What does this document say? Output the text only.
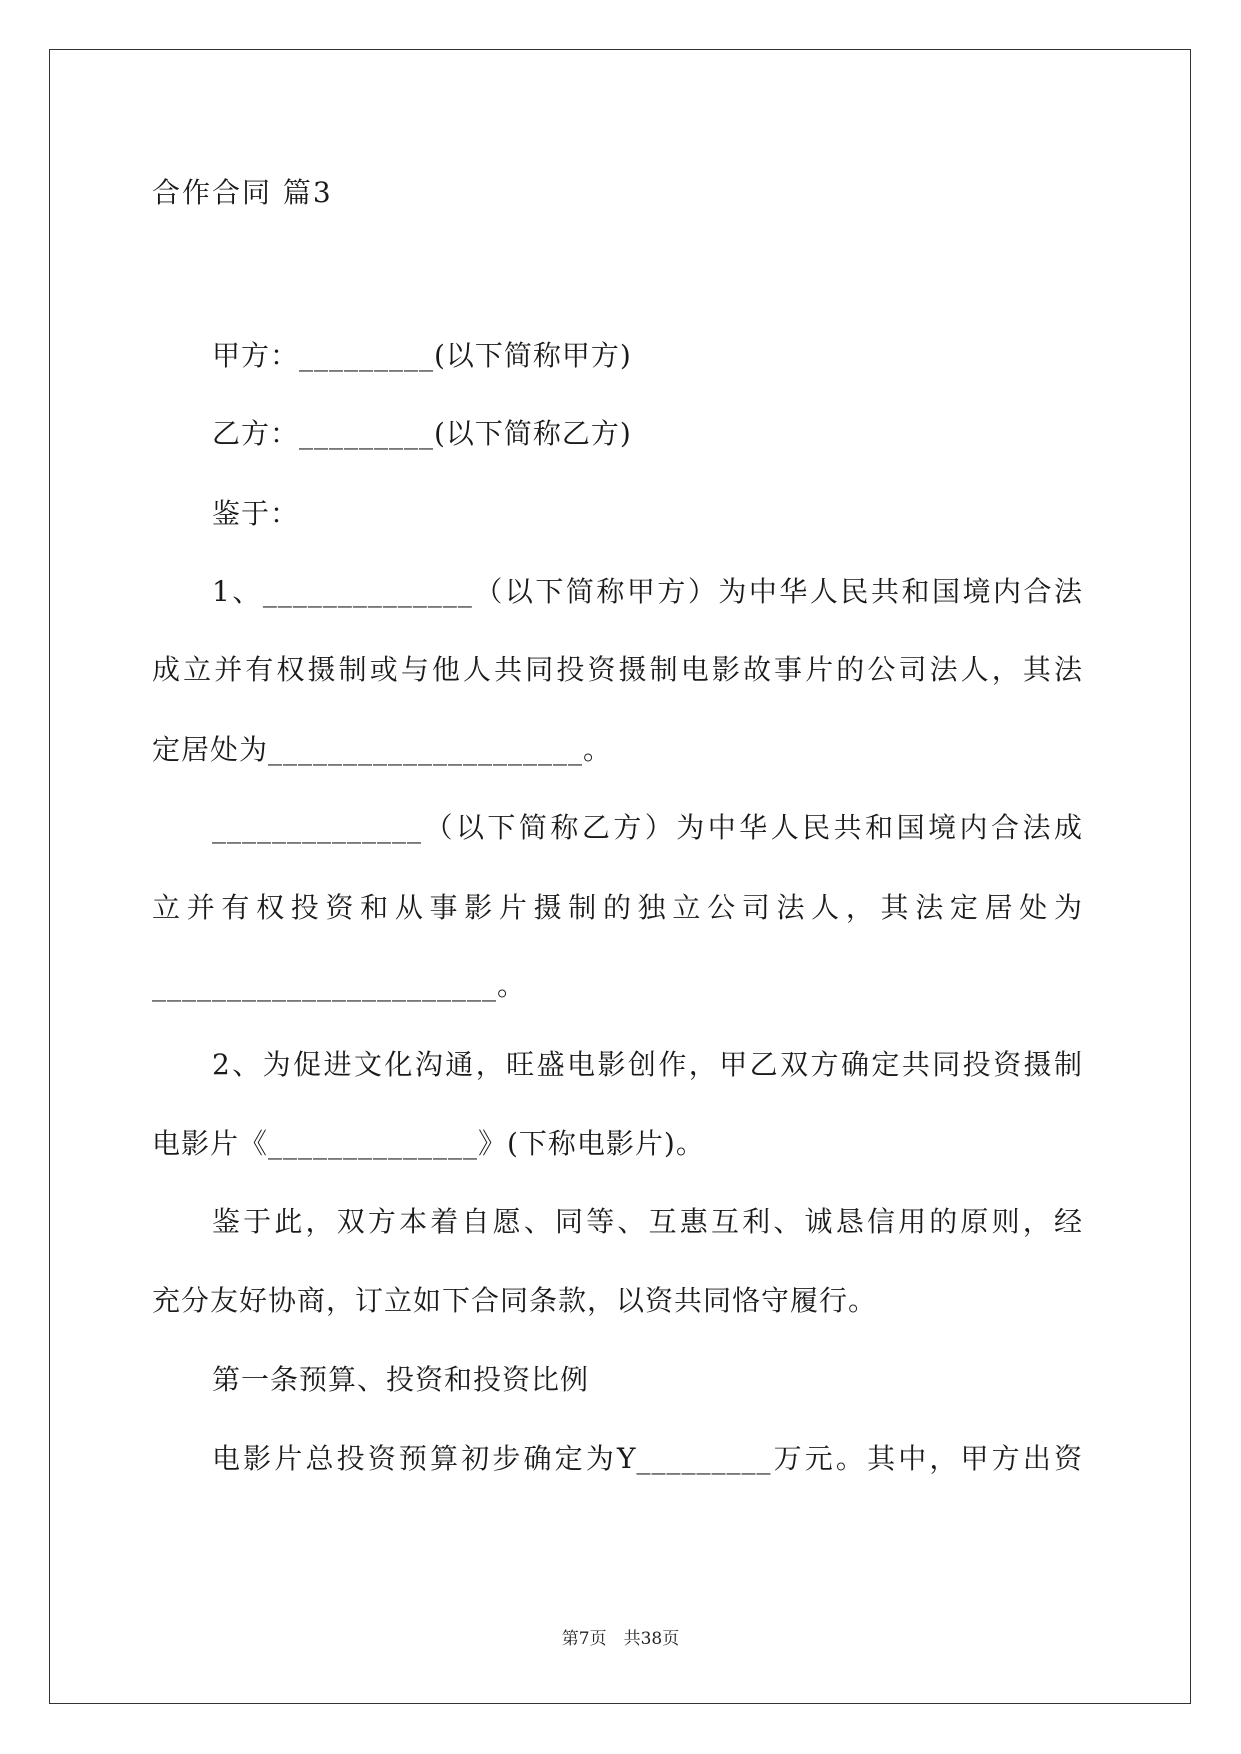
合作合同 篇3
甲方：_________(以下简称甲方)
乙方：_________(以下简称乙方)
鉴于：
1、______________（以下简称甲方）为中华人民共和国境内合法
成立并有权摄制或与他人共同投资摄制电影故事片的公司法人，其法
定居处为_____________________。
______________（以下简称乙方）为中华人民共和国境内合法成
立并有权投资和从事影片摄制的独立公司法人，其法定居处为
_______________________。
2、为促进文化沟通，旺盛电影创作，甲乙双方确定共同投资摄制
电影片《______________》(下称电影片)。
鉴于此，双方本着自愿、同等、互惠互利、诚恳信用的原则，经
充分友好协商，订立如下合同条款，以资共同恪守履行。
第一条预算、投资和投资比例
电影片总投资预算初步确定为Y_________万元。其中，甲方出资
第7页　共38页
